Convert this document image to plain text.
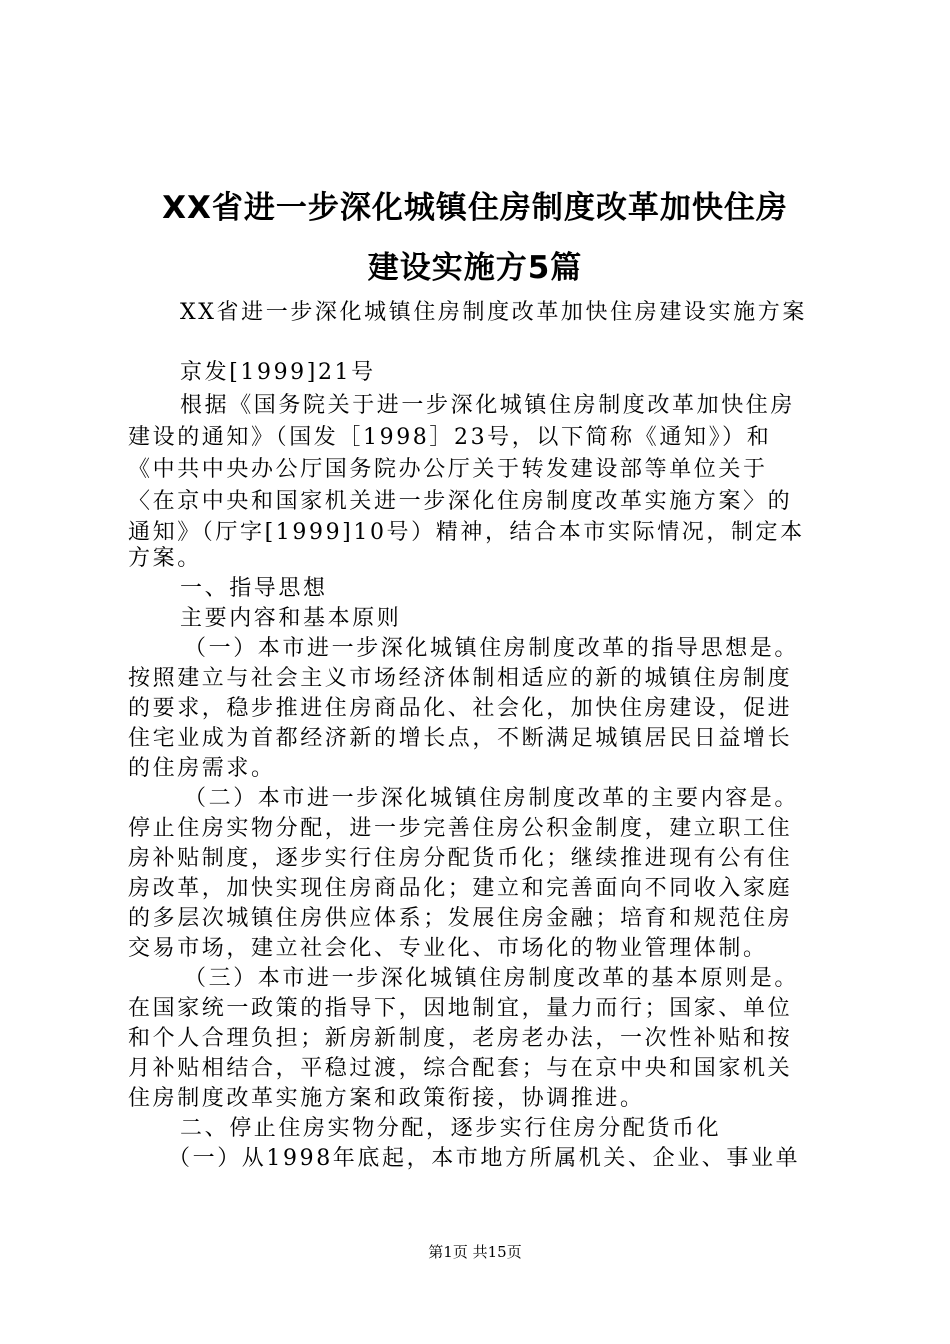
XX省进一步深化城镇住房制度改革加快住房
建设实施方5篇
XX省进一步深化城镇住房制度改革加快住房建设实施方案
京发[1999]21号
根据《国务院关于进一步深化城镇住房制度改革加快住房
建设的通知》（国发［1998］23号，以下简称《通知》）和
《中共中央办公厅国务院办公厅关于转发建设部等单位关于
〈在京中央和国家机关进一步深化住房制度改革实施方案〉的
通知》（厅字[1999]10号）精神，结合本市实际情况，制定本
方案。
一、指导思想
主要内容和基本原则
（一）本市进一步深化城镇住房制度改革的指导思想是。
按照建立与社会主义市场经济体制相适应的新的城镇住房制度
的要求，稳步推进住房商品化、社会化，加快住房建设，促进
住宅业成为首都经济新的增长点，不断满足城镇居民日益增长
的住房需求。
（二）本市进一步深化城镇住房制度改革的主要内容是。
停止住房实物分配，进一步完善住房公积金制度，建立职工住
房补贴制度，逐步实行住房分配货币化；继续推进现有公有住
房改革，加快实现住房商品化；建立和完善面向不同收入家庭
的多层次城镇住房供应体系；发展住房金融；培育和规范住房
交易市场，建立社会化、专业化、市场化的物业管理体制。
（三）本市进一步深化城镇住房制度改革的基本原则是。
在国家统一政策的指导下，因地制宜，量力而行；国家、单位
和个人合理负担；新房新制度，老房老办法，一次性补贴和按
月补贴相结合，平稳过渡，综合配套；与在京中央和国家机关
住房制度改革实施方案和政策衔接，协调推进。
二、停止住房实物分配，逐步实行住房分配货币化
（一）从1998年底起，本市地方所属机关、企业、事业单
第1页 共15页
